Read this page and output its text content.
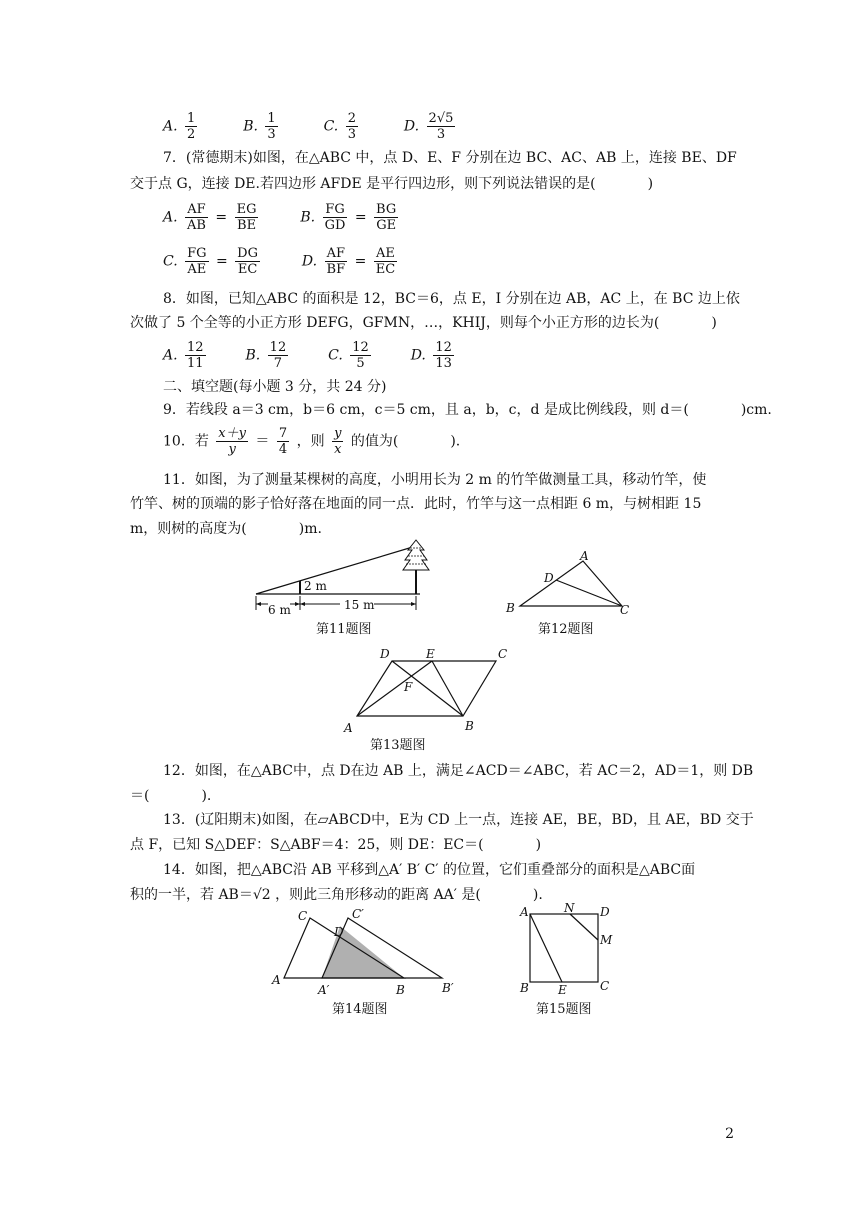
A. $\frac{1}{2}$	B. $\frac{1}{3}$	C. $\frac{2}{3}$	D. $\frac{2√5}{3}$
7．(常德期末)如图，在△ABC 中，点 D、E、F 分别在边 BC、AC、AB 上，连接 BE、DF
交于点 G，连接 DE.若四边形 AFDE 是平行四边形，则下列说法错误的是(	)
A. $\frac{AF}{AB} = \frac{EG}{BE}$	B. $\frac{FG}{GD} = \frac{BG}{GE}$
C. $\frac{FG}{AE} = \frac{DG}{EC}$	D. $\frac{AF}{BF} = \frac{AE}{EC}$
8．如图，已知△ABC 的面积是 12，BC＝6，点 E，I 分别在边 AB，AC 上，在 BC 边上依
次做了 5 个全等的小正方形 DEFG，GFMN，…，KHIJ，则每个小正方形的边长为(	)
A. $\frac{12}{11}$	B. $\frac{12}{7}$	C. $\frac{12}{5}$	D. $\frac{12}{13}$
二、填空题(每小题 3 分，共 24 分)
9．若线段 a＝3 cm，b＝6 cm，c＝5 cm，且 a，b，c，d 是成比例线段，则 d＝(	)cm.
10．若 $\frac{x+y}{y} = \frac{7}{4}$ ，则 $\frac{y}{x}$ 的值为(	).
11．如图，为了测量某棵树的高度，小明用长为 2 m 的竹竿做测量工具，移动竹竿，使
竹竿、树的顶端的影子恰好落在地面的同一点．此时，竹竿与这一点相距 6 m，与树相距 15
m，则树的高度为(	)m.
2 m
6 m	15 m
第11题图
A
D
B	C
第12题图
D	E	C
F
A	B
第13题图
12．如图，在△ABC中，点 D在边 AB 上，满足∠ACD＝∠ABC，若 AC＝2，AD＝1，则 DB
＝(	).
13．(辽阳期末)如图，在▱ABCD中，E为 CD 上一点，连接 AE，BE，BD，且 AE，BD 交于
点 F，已知 S△DEF：S△ABF＝4：25，则 DE：EC＝(	)
14．如图，把△ABC沿 AB 平移到△A′ B′ C′ 的位置，它们重叠部分的面积是△ABC面
积的一半，若 AB＝√2 ，则此三角形移动的距离 AA′ 是(	).
C	C′
D
A
A′	B	B′
第14题图
A	N D
M
B E	C
第15题图
2
